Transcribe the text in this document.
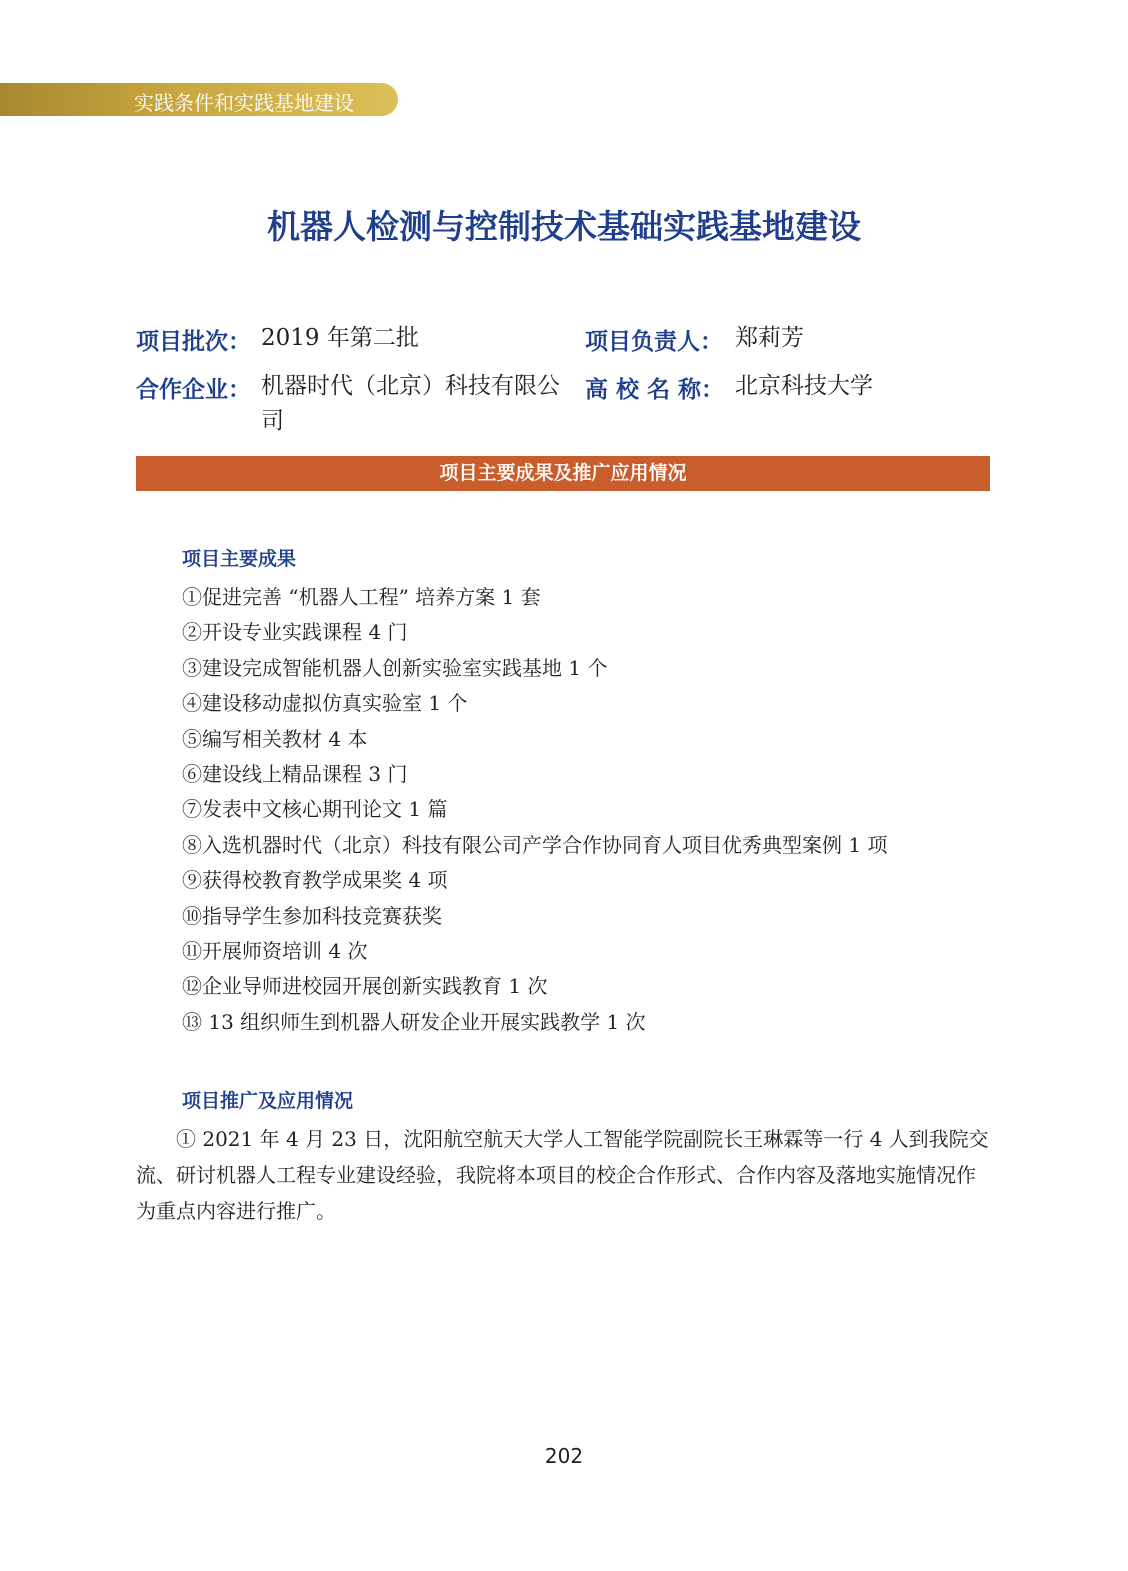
实践条件和实践基地建设
机器人检测与控制技术基础实践基地建设
项目批次： 2019 年第二批	项目负责人： 郑莉芳
合作企业： 机器时代（北京）科技有限公司
高 校 名 称： 北京科技大学
项目主要成果及推广应用情况
项目主要成果
①促进完善 “机器人工程” 培养方案 1 套
②开设专业实践课程 4 门
③建设完成智能机器人创新实验室实践基地 1 个
④建设移动虚拟仿真实验室 1 个
⑤编写相关教材 4 本
⑥建设线上精品课程 3 门
⑦发表中文核心期刊论文 1 篇
⑧入选机器时代（北京）科技有限公司产学合作协同育人项目优秀典型案例 1 项
⑨获得校教育教学成果奖 4 项
⑩指导学生参加科技竞赛获奖
⑪开展师资培训 4 次
⑫企业导师进校园开展创新实践教育 1 次
⑬ 13 组织师生到机器人研发企业开展实践教学 1 次
项目推广及应用情况

① 2021 年 4 月 23 日，沈阳航空航天大学人工智能学院副院长王琳霖等一行 4 人到我院交流、研讨机器人工程专业建设经验，我院将本项目的校企合作形式、合作内容及落地实施情况作为重点内容进行推广。

202
